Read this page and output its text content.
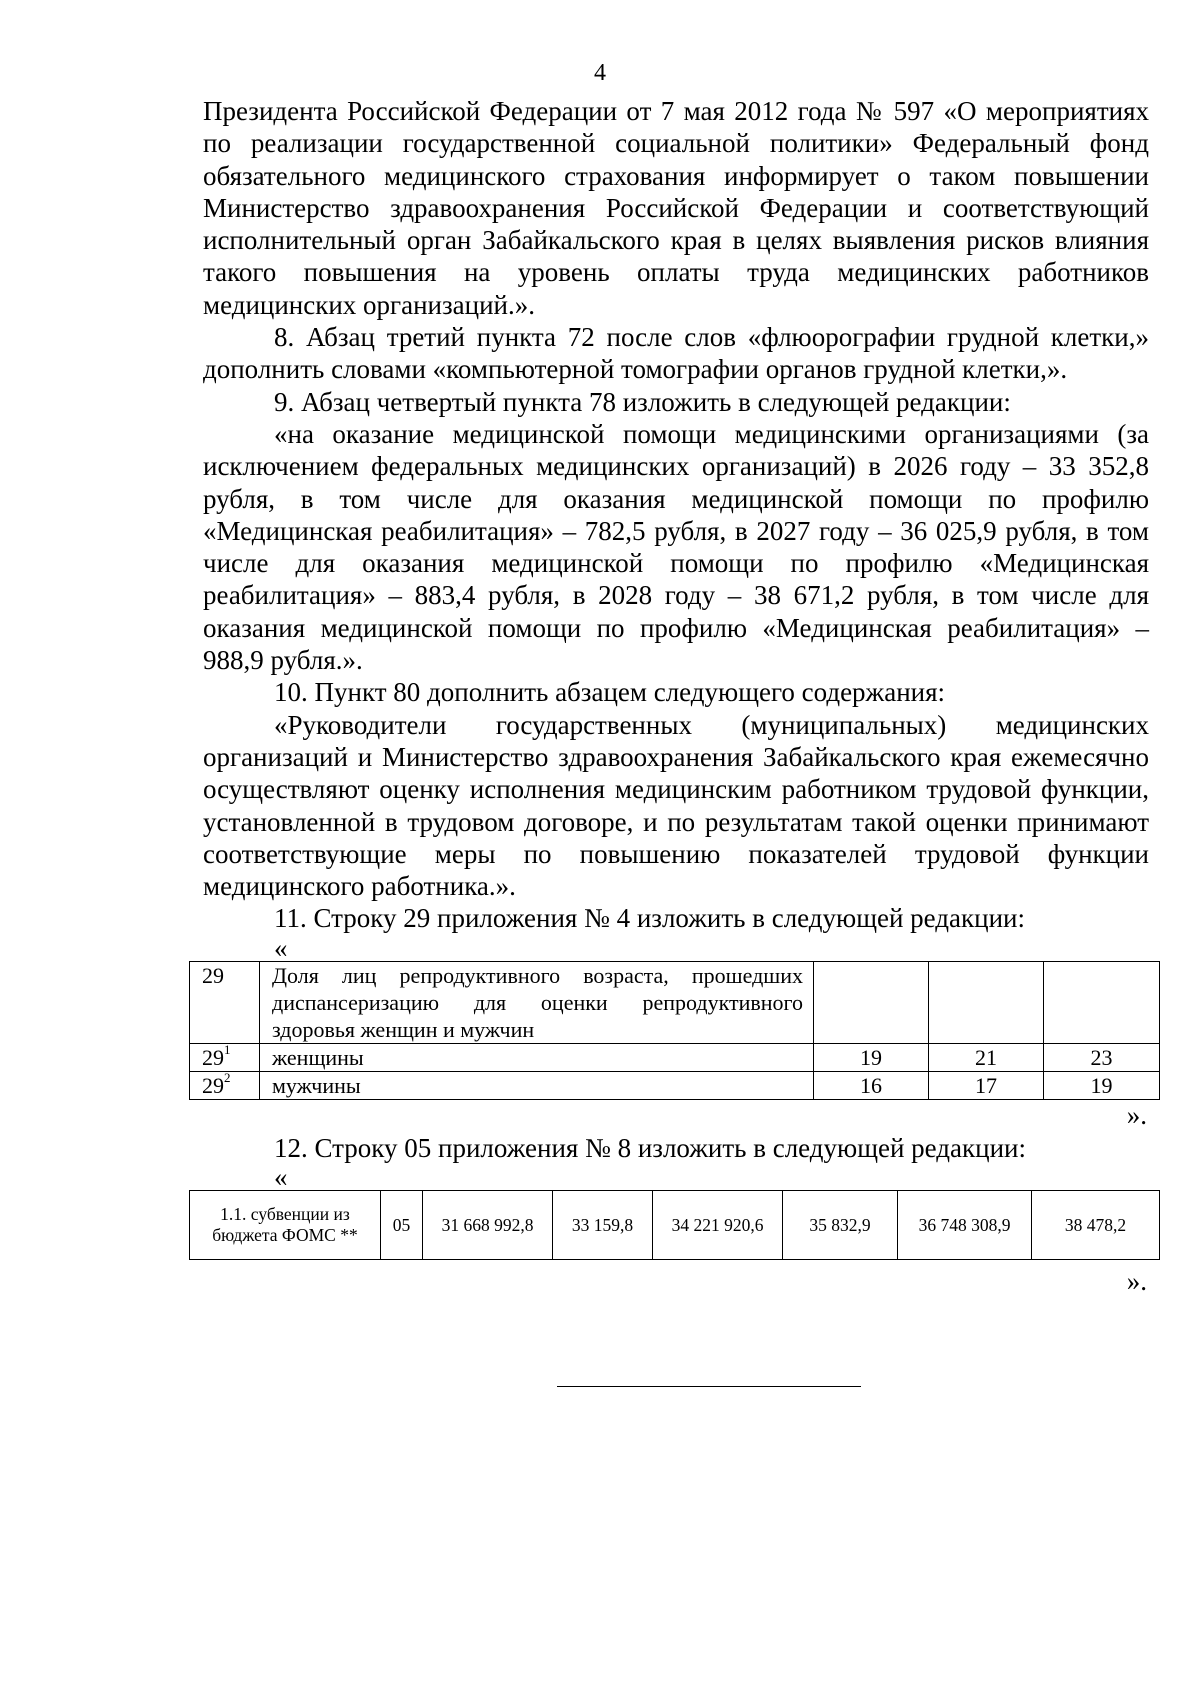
4

Президента Российской Федерации от 7 мая 2012 года № 597 «О мероприятиях по реализации государственной социальной политики» Федеральный фонд обязательного медицинского страхования информирует о таком повышении Министерство здравоохранения Российской Федерации и соответствующий исполнительный орган Забайкальского края в целях выявления рисков влияния такого повышения на уровень оплаты труда медицинских работников медицинских организаций.».

8. Абзац третий пункта 72 после слов «флюорографии грудной клетки,» дополнить словами «компьютерной томографии органов грудной клетки,».

9. Абзац четвертый пункта 78 изложить в следующей редакции:

«на оказание медицинской помощи медицинскими организациями (за исключением федеральных медицинских организаций) в 2026 году – 33 352,8 рубля, в том числе для оказания медицинской помощи по профилю «Медицинская реабилитация» – 782,5 рубля, в 2027 году – 36 025,9 рубля, в том числе для оказания медицинской помощи по профилю «Медицинская реабилитация» – 883,4 рубля, в 2028 году – 38 671,2 рубля, в том числе для оказания медицинской помощи по профилю «Медицинская реабилитация» – 988,9 рубля.».

10. Пункт 80 дополнить абзацем следующего содержания:

«Руководители государственных (муниципальных) медицинских организаций и Министерство здравоохранения Забайкальского края ежемесячно осуществляют оценку исполнения медицинским работником трудовой функции, установленной в трудовом договоре, и по результатам такой оценки принимают соответствующие меры по повышению показателей трудовой функции медицинского работника.».

11. Строку 29 приложения № 4 изложить в следующей редакции:

«
29	Доля лиц репродуктивного возраста, прошедших диспансеризацию для оценки репродуктивного здоровья женщин и мужчин			
$29^1$	женщины	19	21	23
$29^2$	мужчины	16	17	19
».

12. Строку 05 приложения № 8 изложить в следующей редакции:

«
1.1. субвенции из
бюджета ФОМС **	05	31 668 992,8	33 159,8	34 221 920,6	35 832,9	36 748 308,9	38 478,2
».
